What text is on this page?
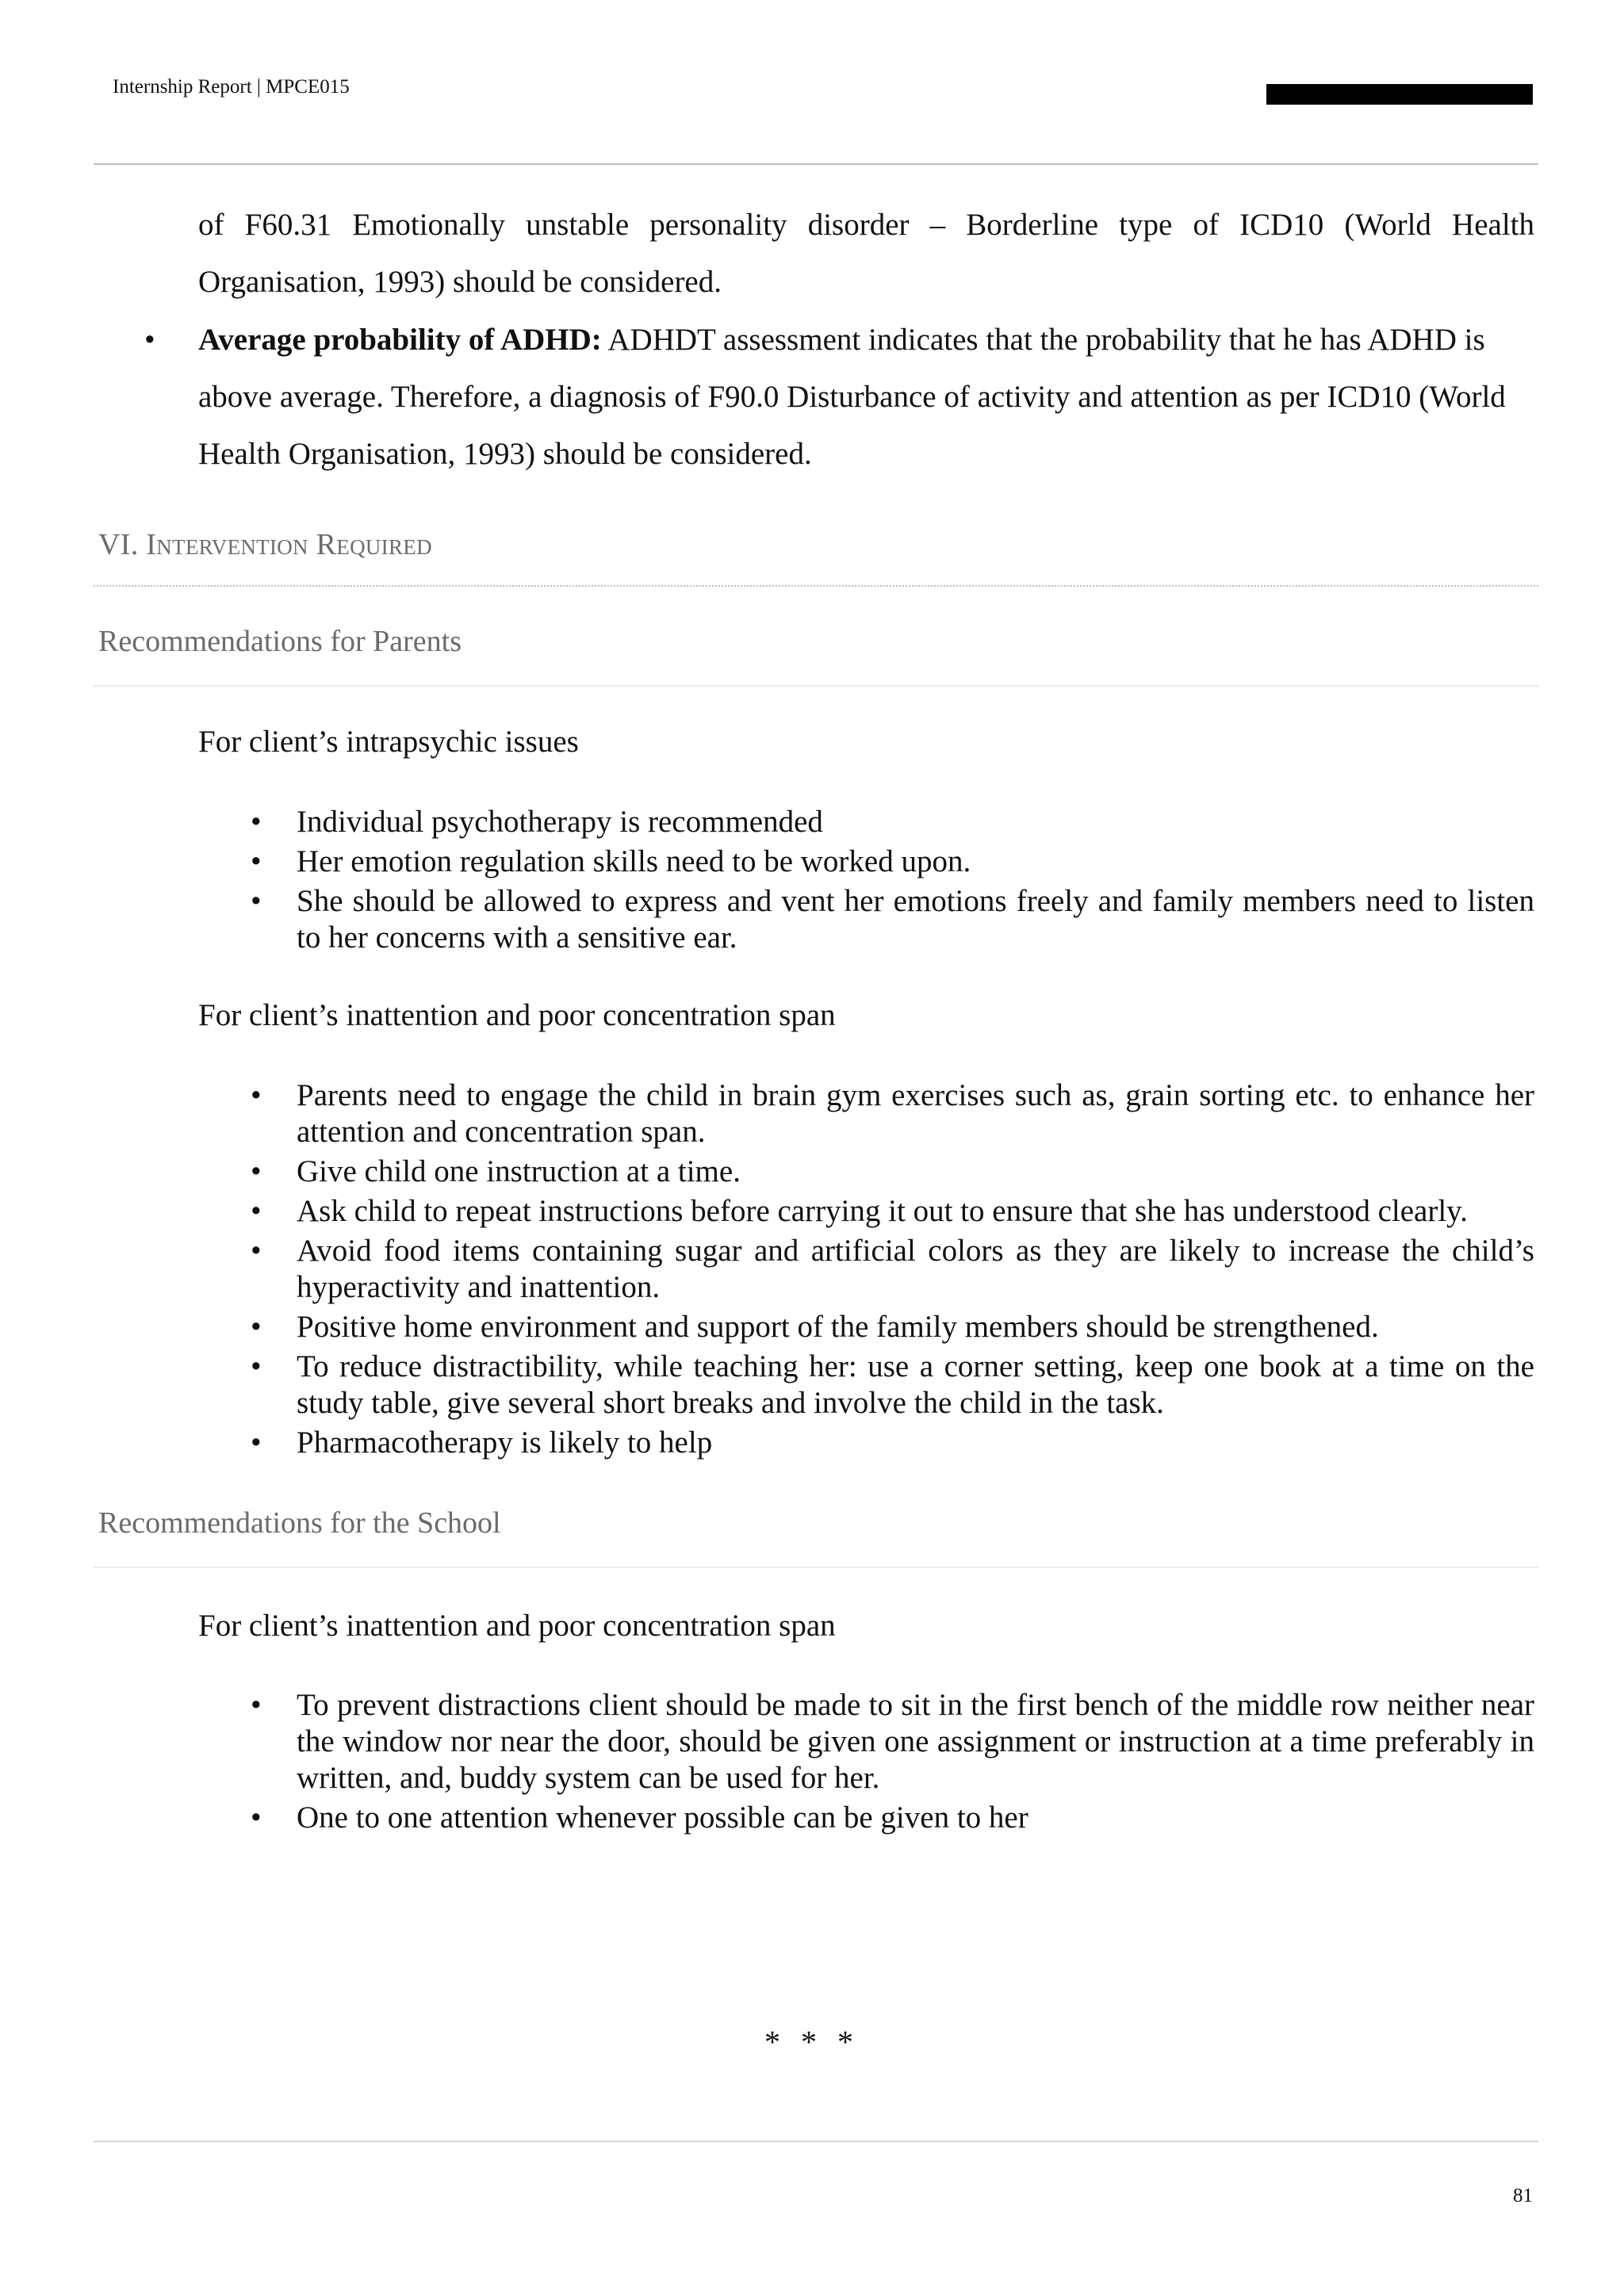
Internship Report | MPCE015
of F60.31 Emotionally unstable personality disorder – Borderline type of ICD10 (World Health
Organisation, 1993) should be considered.
• Average probability of ADHD: ADHDT assessment indicates that the probability that he has ADHD is above average. Therefore, a diagnosis of F90.0 Disturbance of activity and attention as per ICD10 (World Health Organisation, 1993) should be considered.
VI. Intervention Required
Recommendations for Parents
For client’s intrapsychic issues
• Individual psychotherapy is recommended
• Her emotion regulation skills need to be worked upon.
• She should be allowed to express and vent her emotions freely and family members need to listen to her concerns with a sensitive ear.
For client’s inattention and poor concentration span
• Parents need to engage the child in brain gym exercises such as, grain sorting etc. to enhance her attention and concentration span.
• Give child one instruction at a time.
• Ask child to repeat instructions before carrying it out to ensure that she has understood clearly.
• Avoid food items containing sugar and artificial colors as they are likely to increase the child’s hyperactivity and inattention.
• Positive home environment and support of the family members should be strengthened.
• To reduce distractibility, while teaching her: use a corner setting, keep one book at a time on the study table, give several short breaks and involve the child in the task.
• Pharmacotherapy is likely to help
Recommendations for the School
For client’s inattention and poor concentration span
• To prevent distractions client should be made to sit in the first bench of the middle row neither near the window nor near the door, should be given one assignment or instruction at a time preferably in written, and, buddy system can be used for her.
• One to one attention whenever possible can be given to her
* * *
81
